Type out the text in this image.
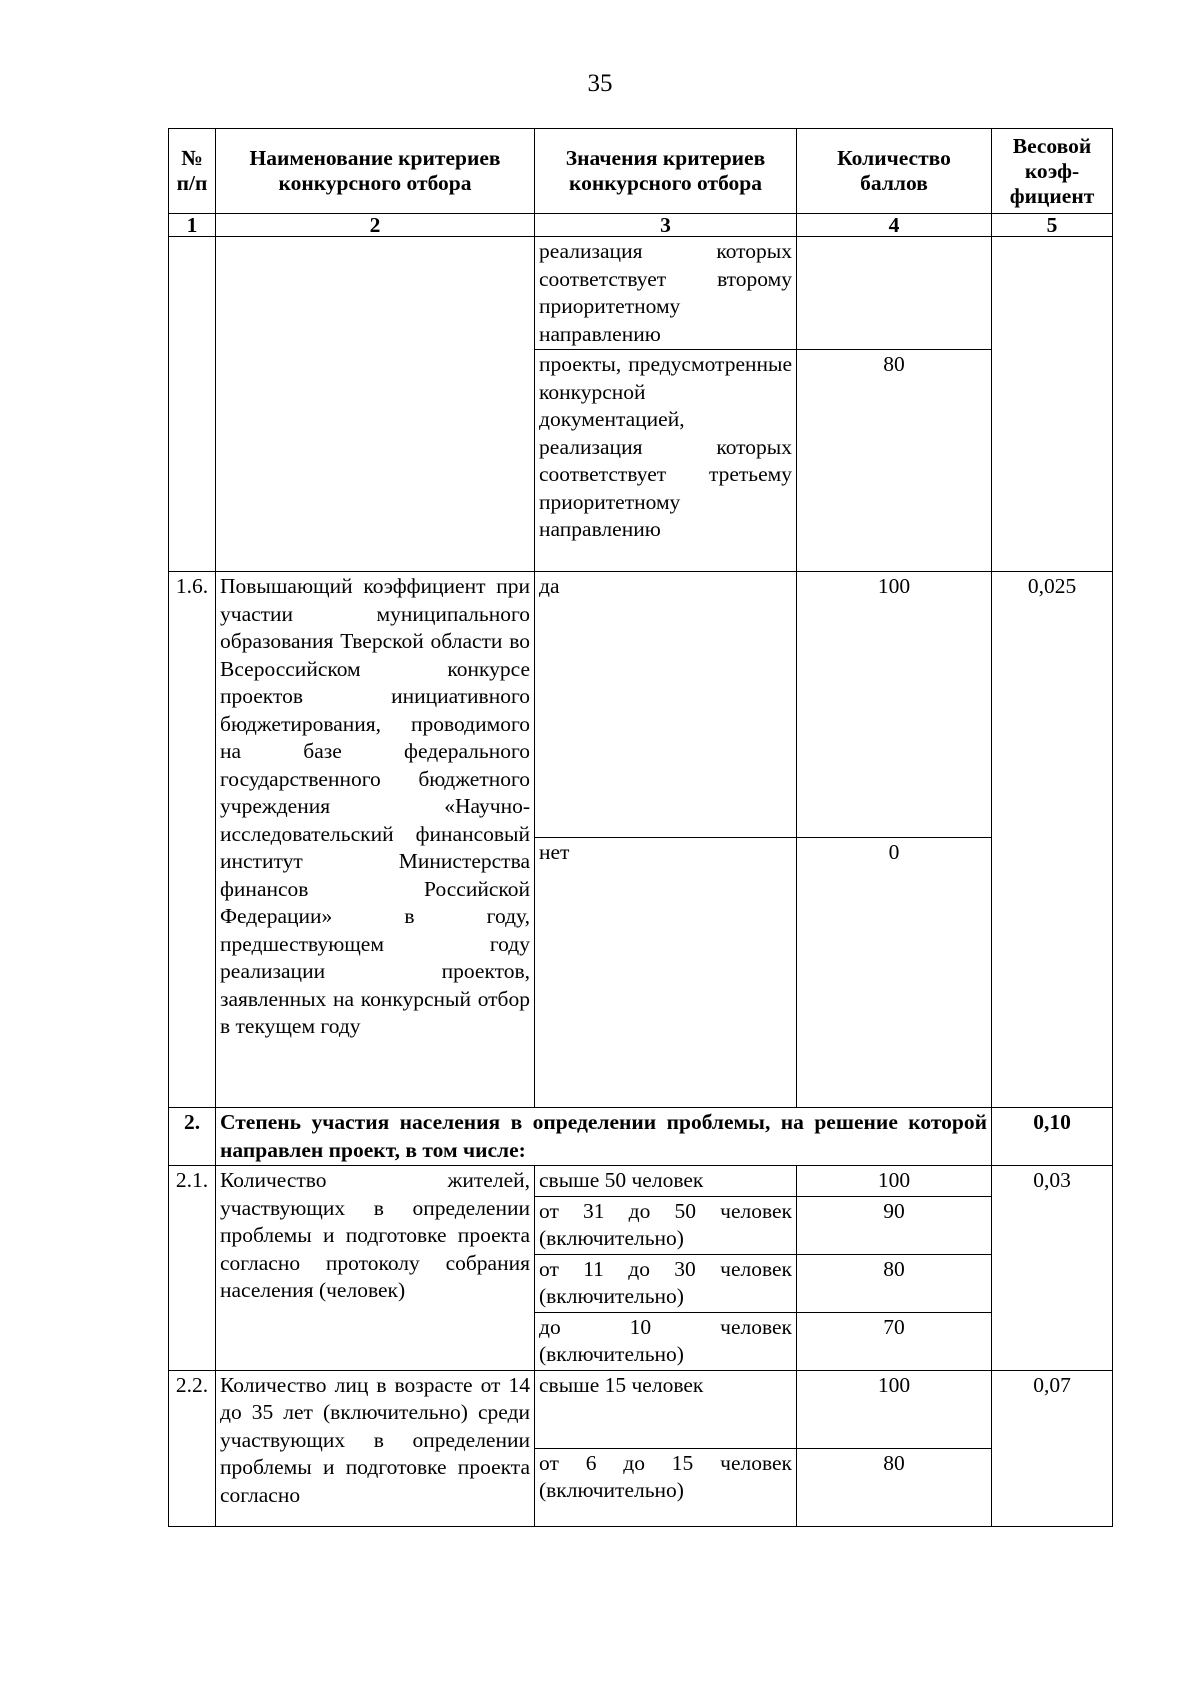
35
№ п/п	Наименование критериев конкурсного отбора	Значения критериев конкурсного отбора	Количество баллов	Весовой коэф-фициент
1	2	3	4	5
		реализация которых соответствует второму приоритетному направлению		
		проекты, предусмотренные конкурсной документацией, реализация которых соответствует третьему приоритетному направлению	80	
1.6.	Повышающий коэффициент при участии муниципального образования Тверской области во Всероссийском конкурсе проектов инициативного бюджетирования, проводимого на базе федерального государственного бюджетного учреждения «Научно-исследовательский финансовый институт Министерства финансов Российской Федерации» в году, предшествующем году реализации проектов, заявленных на конкурсный отбор в текущем году	да	100	0,025
		нет	0	
2.	Степень участия населения в определении проблемы, на решение которой направлен проект, в том числе:			0,10
2.1.	Количество жителей, участвующих в определении проблемы и подготовке проекта согласно протоколу собрания населения (человек)	свыше 50 человек	100	0,03
		от 31 до 50 человек (включительно)	90	
		от 11 до 30 человек (включительно)	80	
		до 10 человек (включительно)	70	
2.2.	Количество лиц в возрасте от 14 до 35 лет (включительно) среди участвующих в определении проблемы и подготовке проекта согласно	свыше 15 человек	100	0,07
		от 6 до 15 человек (включительно)	80	
